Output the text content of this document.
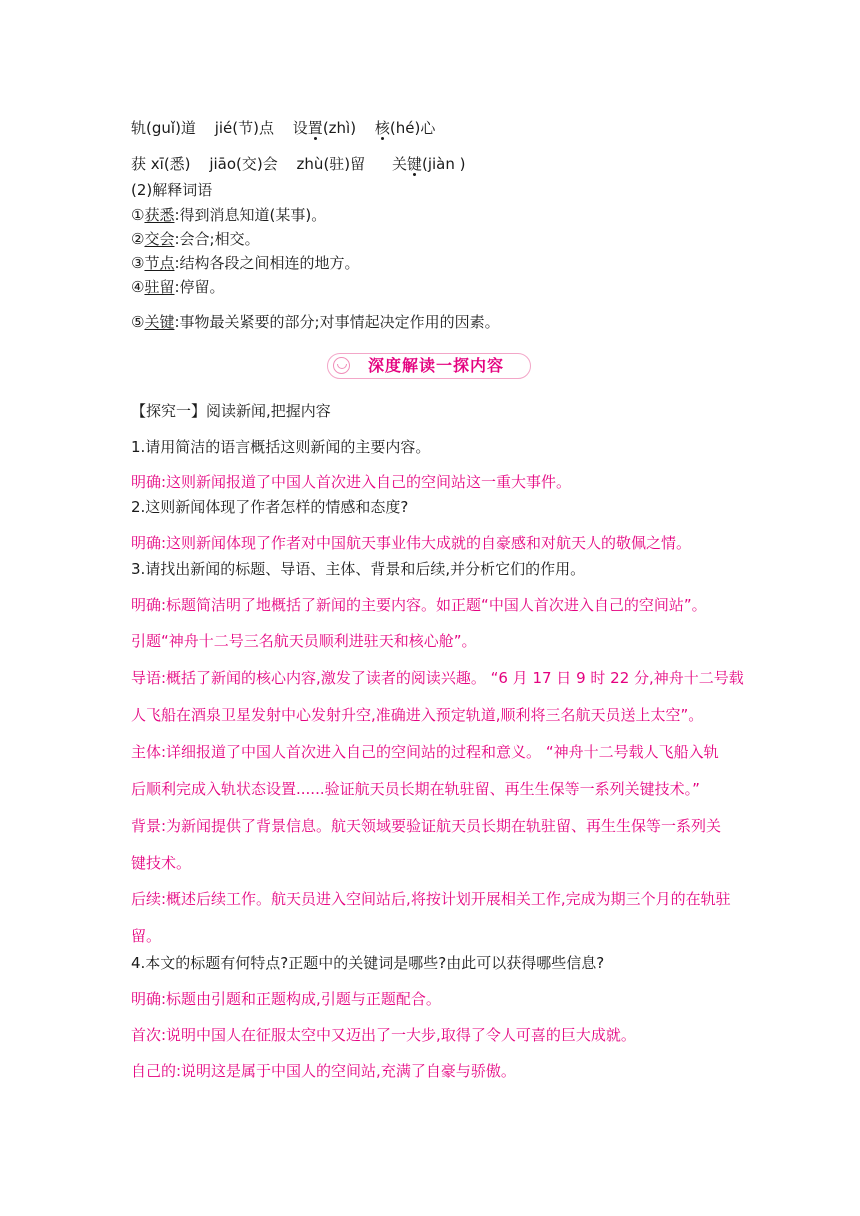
轨(guǐ)道 jié(节)点 设置(zhì) 核(hé)心
获 xī(悉) jiāo(交)会 zhù(驻)留 关键(jiàn )
(2)解释词语
①获悉:得到消息知道(某事)。
②交会:会合;相交。
③节点:结构各段之间相连的地方。
④驻留:停留。
⑤关键:事物最关紧要的部分;对事情起决定作用的因素。
深度解读一探内容
【探究一】阅读新闻,把握内容
1.请用简洁的语言概括这则新闻的主要内容。
明确:这则新闻报道了中国人首次进入自己的空间站这一重大事件。
2.这则新闻体现了作者怎样的情感和态度?
明确:这则新闻体现了作者对中国航天事业伟大成就的自豪感和对航天人的敬佩之情。
3.请找出新闻的标题、导语、主体、背景和后续,并分析它们的作用。
明确:标题简洁明了地概括了新闻的主要内容。如正题“中国人首次进入自己的空间站”。
引题“神舟十二号三名航天员顺利进驻天和核心舱”。
导语:概括了新闻的核心内容,激发了读者的阅读兴趣。 “6 月 17 日 9 时 22 分,神舟十二号载
人飞船在酒泉卫星发射中心发射升空,准确进入预定轨道,顺利将三名航天员送上太空”。
主体:详细报道了中国人首次进入自己的空间站的过程和意义。 “神舟十二号载人飞船入轨
后顺利完成入轨状态设置......验证航天员长期在轨驻留、再生生保等一系列关键技术。”
背景:为新闻提供了背景信息。航天领域要验证航天员长期在轨驻留、再生生保等一系列关
键技术。
后续:概述后续工作。航天员进入空间站后,将按计划开展相关工作,完成为期三个月的在轨驻
留。
4.本文的标题有何特点?正题中的关键词是哪些?由此可以获得哪些信息?
明确:标题由引题和正题构成,引题与正题配合。
首次:说明中国人在征服太空中又迈出了一大步,取得了令人可喜的巨大成就。
自己的:说明这是属于中国人的空间站,充满了自豪与骄傲。
